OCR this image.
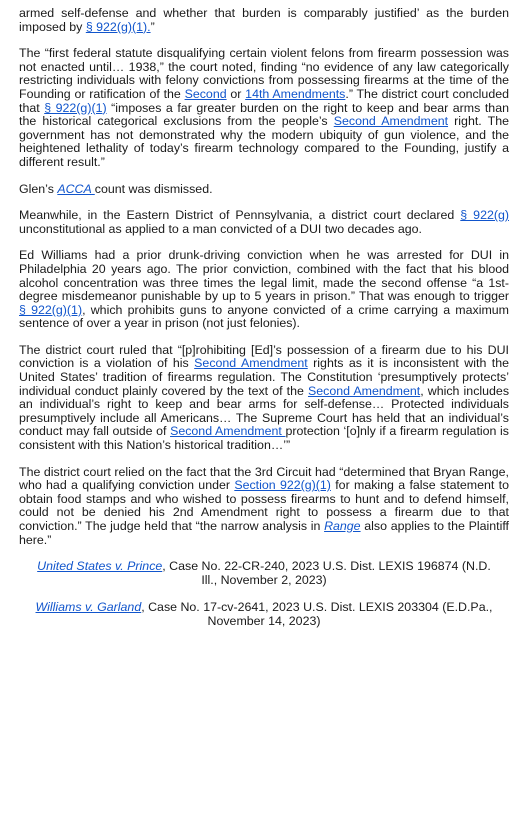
armed self-defense and whether that burden is comparably justified’ as the burden imposed by § 922(g)(1).”

The “first federal statute disqualifying certain violent felons from firearm possession was not enacted until… 1938,” the court noted, finding “no evidence of any law categorically restricting individuals with felony convictions from possessing firearms at the time of the Founding or ratification of the Second or 14th Amendments.” The district court concluded that § 922(g)(1) “imposes a far greater burden on the right to keep and bear arms than the historical categorical exclusions from the people’s Second Amendment right. The government has not demonstrated why the modern ubiquity of gun violence, and the heightened lethality of today’s firearm technology compared to the Founding, justify a different result.”

Glen’s ACCA count was dismissed.

Meanwhile, in the Eastern District of Pennsylvania, a district court declared § 922(g) unconstitutional as applied to a man convicted of a DUI two decades ago.

Ed Williams had a prior drunk-driving conviction when he was arrested for DUI in Philadelphia 20 years ago. The prior conviction, combined with the fact that his blood alcohol concentration was three times the legal limit, made the second offense “a 1st-degree misdemeanor punishable by up to 5 years in prison.” That was enough to trigger § 922(g)(1), which prohibits guns to anyone convicted of a crime carrying a maximum sentence of over a year in prison (not just felonies).

The district court ruled that “[p]rohibiting [Ed]’s possession of a firearm due to his DUI conviction is a violation of his Second Amendment rights as it is inconsistent with the United States’ tradition of firearms regulation. The Constitution ‘presumptively protects’ individual conduct plainly covered by the text of the Second Amendment, which includes an individual’s right to keep and bear arms for self-defense… Protected individuals presumptively include all Americans… The Supreme Court has held that an individual’s conduct may fall outside of Second Amendment protection ‘[o]nly if a firearm regulation is consistent with this Nation’s historical tradition…’”

The district court relied on the fact that the 3rd Circuit had “determined that Bryan Range, who had a qualifying conviction under Section 922(g)(1) for making a false statement to obtain food stamps and who wished to possess firearms to hunt and to defend himself, could not be denied his 2nd Amendment right to possess a firearm due to that conviction.” The judge held that “the narrow analysis in Range also applies to the Plaintiff here.”

United States v. Prince, Case No. 22-CR-240, 2023 U.S. Dist. LEXIS 196874 (N.D. Ill., November 2, 2023)

Williams v. Garland, Case No. 17-cv-2641, 2023 U.S. Dist. LEXIS 203304 (E.D.Pa., November 14, 2023)
